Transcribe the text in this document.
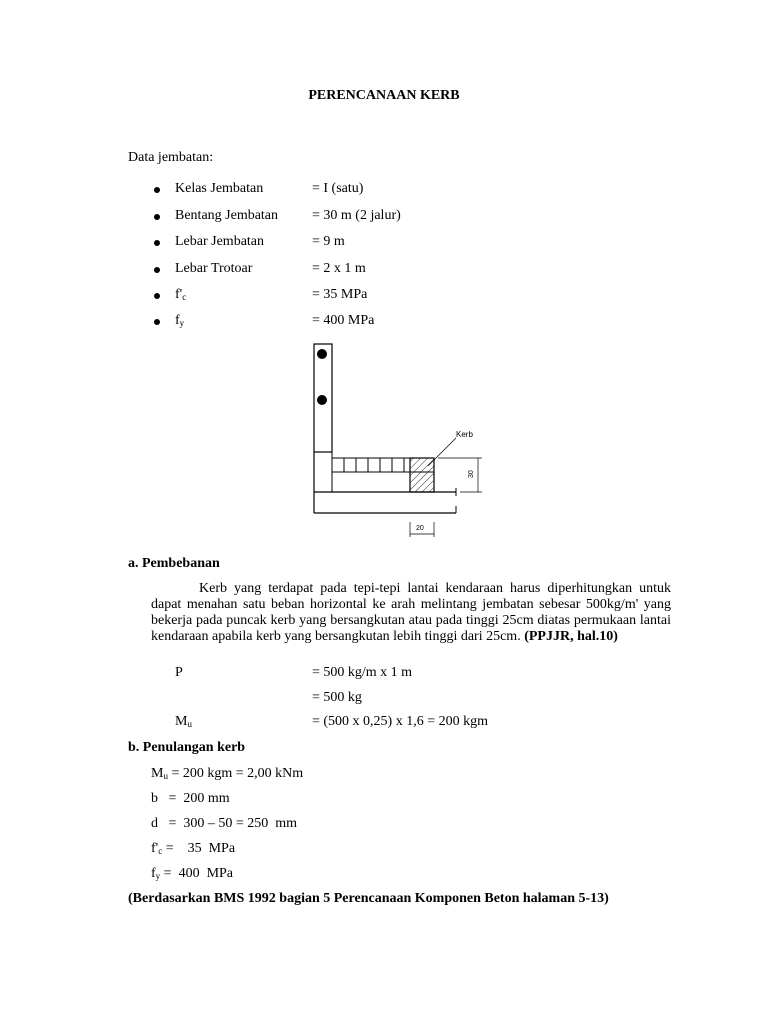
PERENCANAAN KERB
Data jembatan:
Kelas Jembatan	= I (satu)
Bentang Jembatan = 30 m (2 jalur)
Lebar Jembatan	= 9 m
Lebar Trotoar	= 2 x 1 m
$f'_c$	= 35 MPa
$f_y$	= 400 MPa
Kerb
30
20
a. Pembebanan
Kerb yang terdapat pada tepi-tepi lantai kendaraan harus diperhitungkan untuk dapat menahan satu beban horizontal ke arah melintang jembatan sebesar 500kg/m' yang bekerja pada puncak kerb yang bersangkutan atau pada tinggi 25cm diatas permukaan lantai kendaraan apabila kerb yang bersangkutan lebih tinggi dari 25cm. (PPJJR, hal.10)
P	= 500 kg/m x 1 m
= 500 kg
$M_u$	= (500 x 0,25) x 1,6 = 200 kgm
b. Penulangan kerb
$M_u = 200$ kgm = 2,00 kNm
b   =  200 mm
d   =  300 – 50 = 250  mm
$f'_c$ =    35  MPa
$f_y = 400$  MPa
(Berdasarkan BMS 1992 bagian 5 Perencanaan Komponen Beton halaman 5-13)
